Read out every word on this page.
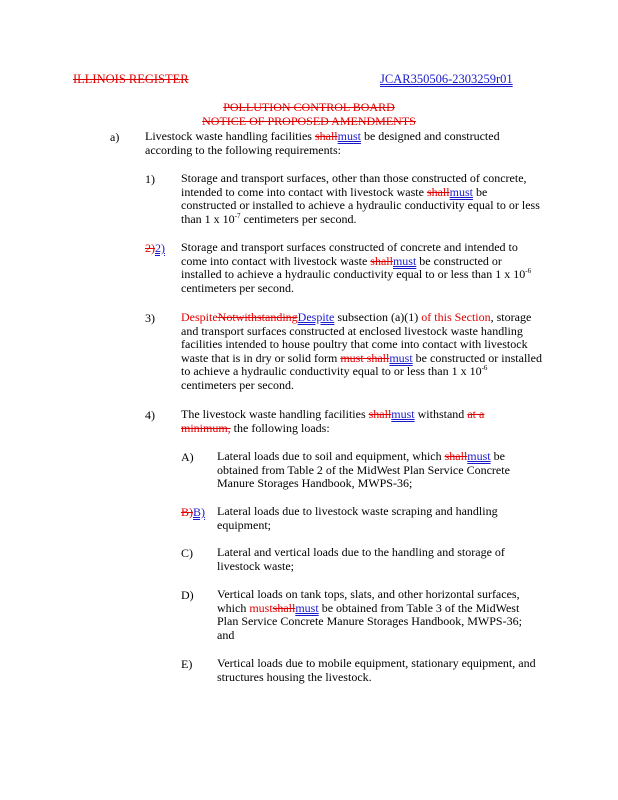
ILLINOIS REGISTER	JCAR350506-2303259r01
POLLUTION CONTROL BOARD
NOTICE OF PROPOSED AMENDMENTS
a) Livestock waste handling facilities shallmust be designed and constructed
according to the following requirements:
1) Storage and transport surfaces, other than those constructed of concrete,
intended to come into contact with livestock waste shallmust be
constructed or installed to achieve a hydraulic conductivity equal to or less
than 1 x $10^{-7}$ centimeters per second.
2)2) Storage and transport surfaces constructed of concrete and intended to
come into contact with livestock waste shallmust be constructed or
installed to achieve a hydraulic conductivity equal to or less than 1 x $10^{-6}$
centimeters per second.
3) DespiteNotwithstandingDespite subsection (a)(1) of this Section, storage
and transport surfaces constructed at enclosed livestock waste handling
facilities intended to house poultry that come into contact with livestock
waste that is in dry or solid form must shallmust be constructed or installed
to achieve a hydraulic conductivity equal to or less than 1 x $10^{-6}$
centimeters per second.
4) The livestock waste handling facilities shallmust withstand at a
minimum, the following loads:
A) Lateral loads due to soil and equipment, which shallmust be
obtained from Table 2 of the MidWest Plan Service Concrete
Manure Storages Handbook, MWPS-36;
B)B) Lateral loads due to livestock waste scraping and handling
equipment;
C) Lateral and vertical loads due to the handling and storage of
livestock waste;
D) Vertical loads on tank tops, slats, and other horizontal surfaces,
which mustshallmust be obtained from Table 3 of the MidWest
Plan Service Concrete Manure Storages Handbook, MWPS-36;
and
E) Vertical loads due to mobile equipment, stationary equipment, and
structures housing the livestock.
